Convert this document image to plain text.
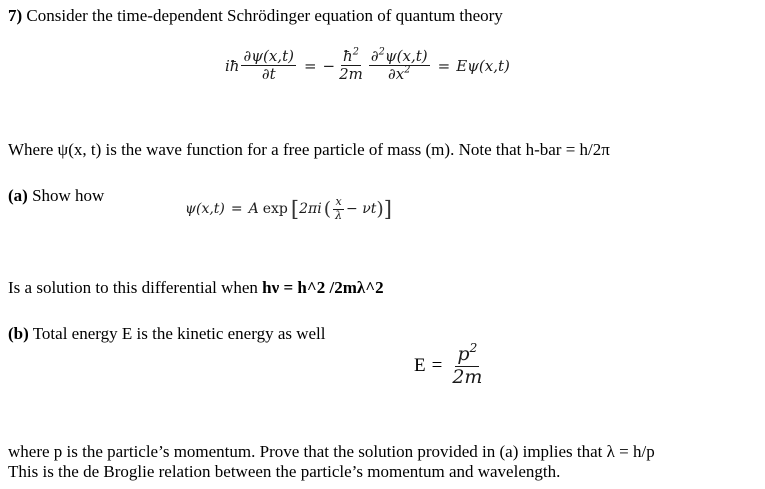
7) Consider the time-dependent Schrödinger equation of quantum theory
iħ $\frac{\partial\psi(x,t)}{\partial t}$ = − $\frac{ħ^2}{2m} \frac{\partial^2\psi(x,t)}{\partial x^2} = E\psi(x,t)$
Where ψ(x, t) is the wave function for a free particle of mass (m). Note that h-bar = h/2π
(a) Show how
ψ(x,t) = A exp [ 2πi ( $\frac{x}{\lambda} - \nu t$ ) ]
Is a solution to this differential when hν = h^2 /2mλ^2
(b) Total energy E is the kinetic energy as well
$E = \frac{p^2}{2m}$
where p is the particle’s momentum. Prove that the solution provided in (a) implies that λ = h/p
This is the de Broglie relation between the particle’s momentum and wavelength.
